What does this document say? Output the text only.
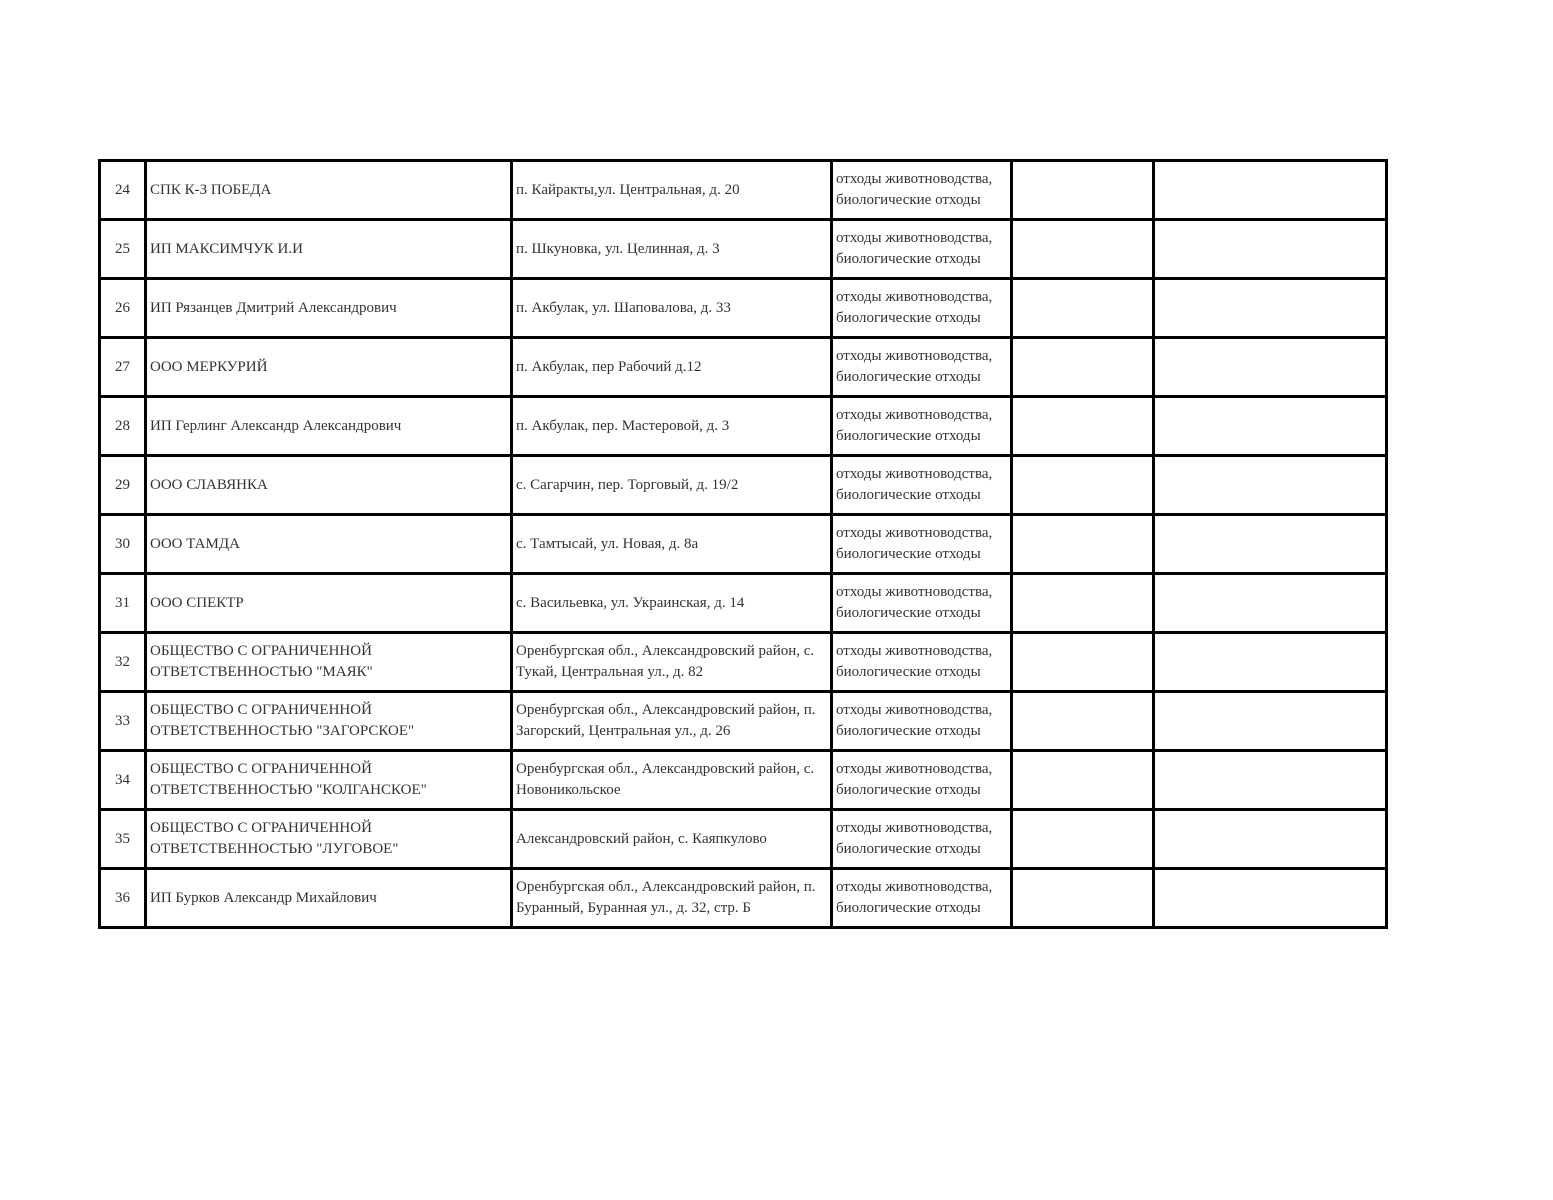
24	СПК К-З ПОБЕДА	п. Кайракты,ул. Центральная, д. 20	отходы животноводства,
биологические отходы		
25	ИП МАКСИМЧУК И.И	п. Шкуновка, ул. Целинная, д. 3	отходы животноводства,
биологические отходы		
26	ИП Рязанцев Дмитрий Александрович	п. Акбулак, ул. Шаповалова, д. 33	отходы животноводства,
биологические отходы		
27	ООО МЕРКУРИЙ	п. Акбулак, пер Рабочий д.12	отходы животноводства,
биологические отходы		
28	ИП Герлинг Александр Александрович	п. Акбулак, пер. Мастеровой, д. 3	отходы животноводства,
биологические отходы		
29	ООО СЛАВЯНКА	с. Сагарчин, пер. Торговый, д. 19/2	отходы животноводства,
биологические отходы		
30	ООО ТАМДА	с. Тамтысай, ул. Новая, д. 8а	отходы животноводства,
биологические отходы		
31	ООО СПЕКТР	с. Васильевка, ул. Украинская, д. 14	отходы животноводства,
биологические отходы		
32	ОБЩЕСТВО С ОГРАНИЧЕННОЙ ОТВЕТСТВЕННОСТЬЮ "МАЯК"	Оренбургская обл., Александровский район, с. Тукай, Центральная ул., д. 82	отходы животноводства,
биологические отходы		
33	ОБЩЕСТВО С ОГРАНИЧЕННОЙ ОТВЕТСТВЕННОСТЬЮ "ЗАГОРСКОЕ"	Оренбургская обл., Александровский район, п. Загорский, Центральная ул., д. 26	отходы животноводства,
биологические отходы		
34	ОБЩЕСТВО С ОГРАНИЧЕННОЙ ОТВЕТСТВЕННОСТЬЮ "КОЛГАНСКОЕ"	Оренбургская обл., Александровский район, с. Новоникольское	отходы животноводства,
биологические отходы		
35	ОБЩЕСТВО С ОГРАНИЧЕННОЙ ОТВЕТСТВЕННОСТЬЮ "ЛУГОВОЕ"	Александровский район, с. Каяпкулово	отходы животноводства,
биологические отходы		
36	ИП Бурков Александр Михайлович	Оренбургская обл., Александровский район, п. Буранный, Буранная ул., д. 32, стр. Б	отходы животноводства,
биологические отходы		
